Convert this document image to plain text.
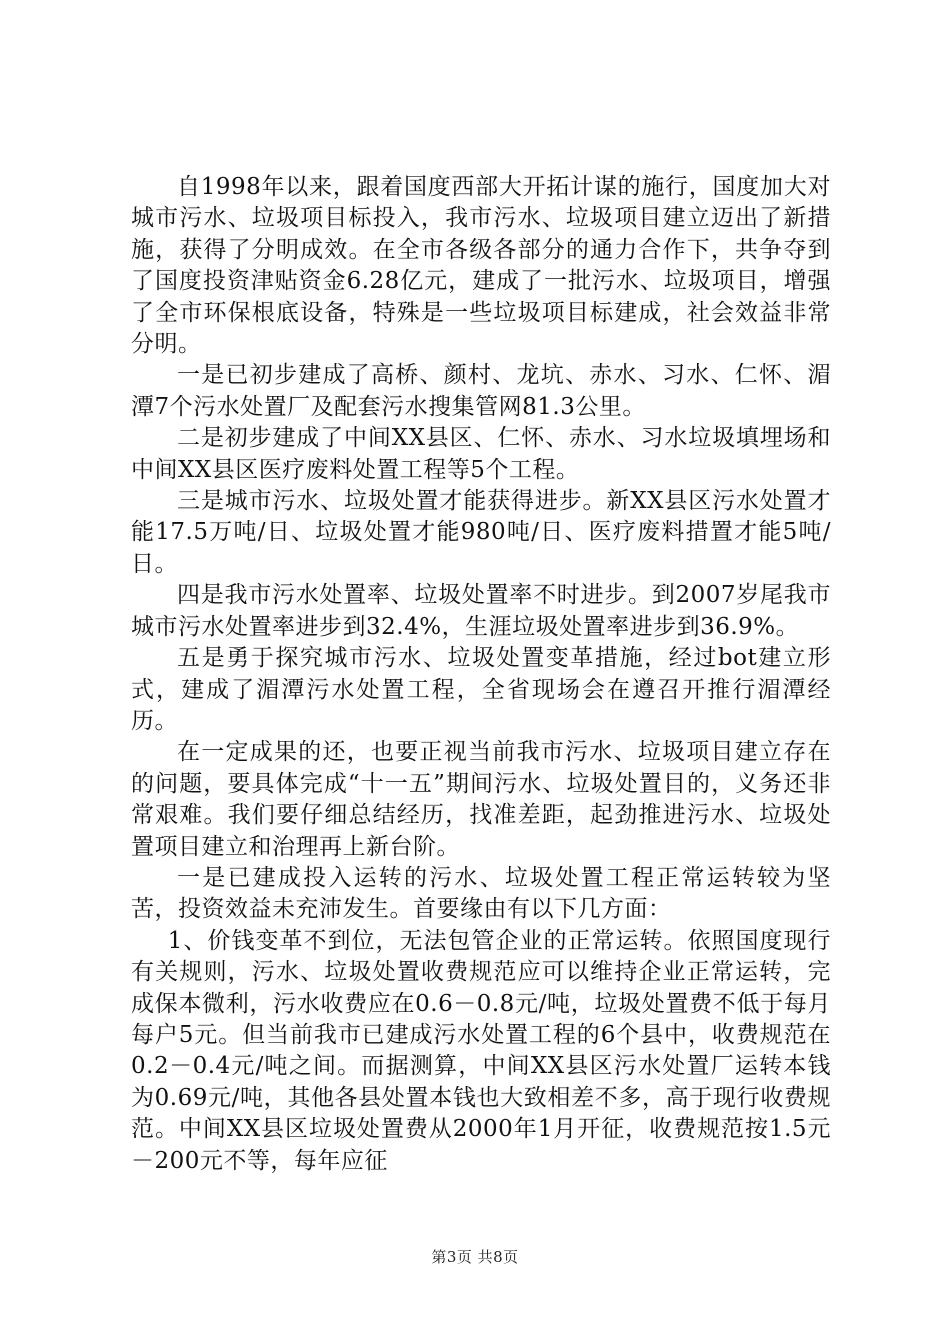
自1998年以来，跟着国度西部大开拓计谋的施行，国度加大对城市污水、垃圾项目标投入，我市污水、垃圾项目建立迈出了新措施，获得了分明成效。在全市各级各部分的通力合作下，共争夺到了国度投资津贴资金6.28亿元，建成了一批污水、垃圾项目，增强了全市环保根底设备，特殊是一些垃圾项目标建成，社会效益非常分明。

一是已初步建成了高桥、颜村、龙坑、赤水、习水、仁怀、湄潭7个污水处置厂及配套污水搜集管网81.3公里。

二是初步建成了中间XX县区、仁怀、赤水、习水垃圾填埋场和中间XX县区医疗废料处置工程等5个工程。

三是城市污水、垃圾处置才能获得进步。新XX县区污水处置才能17.5万吨/日、垃圾处置才能980吨/日、医疗废料措置才能5吨/日。

四是我市污水处置率、垃圾处置率不时进步。到2007岁尾我市城市污水处置率进步到32.4%，生涯垃圾处置率进步到36.9%。

五是勇于探究城市污水、垃圾处置变革措施，经过bot建立形式，建成了湄潭污水处置工程，全省现场会在遵召开推行湄潭经历。

在一定成果的还，也要正视当前我市污水、垃圾项目建立存在的问题，要具体完成“十一五”期间污水、垃圾处置目的，义务还非常艰难。我们要仔细总结经历，找准差距，起劲推进污水、垃圾处置项目建立和治理再上新台阶。

一是已建成投入运转的污水、垃圾处置工程正常运转较为坚苦，投资效益未充沛发生。首要缘由有以下几方面：

1、价钱变革不到位，无法包管企业的正常运转。依照国度现行有关规则，污水、垃圾处置收费规范应可以维持企业正常运转，完成保本微利，污水收费应在0.6－0.8元/吨，垃圾处置费不低于每月每户5元。但当前我市已建成污水处置工程的6个县中，收费规范在0.2－0.4元/吨之间。而据测算，中间XX县区污水处置厂运转本钱为0.69元/吨，其他各县处置本钱也大致相差不多，高于现行收费规范。中间XX县区垃圾处置费从2000年1月开征，收费规范按1.5元－200元不等，每年应征

第3页 共8页
